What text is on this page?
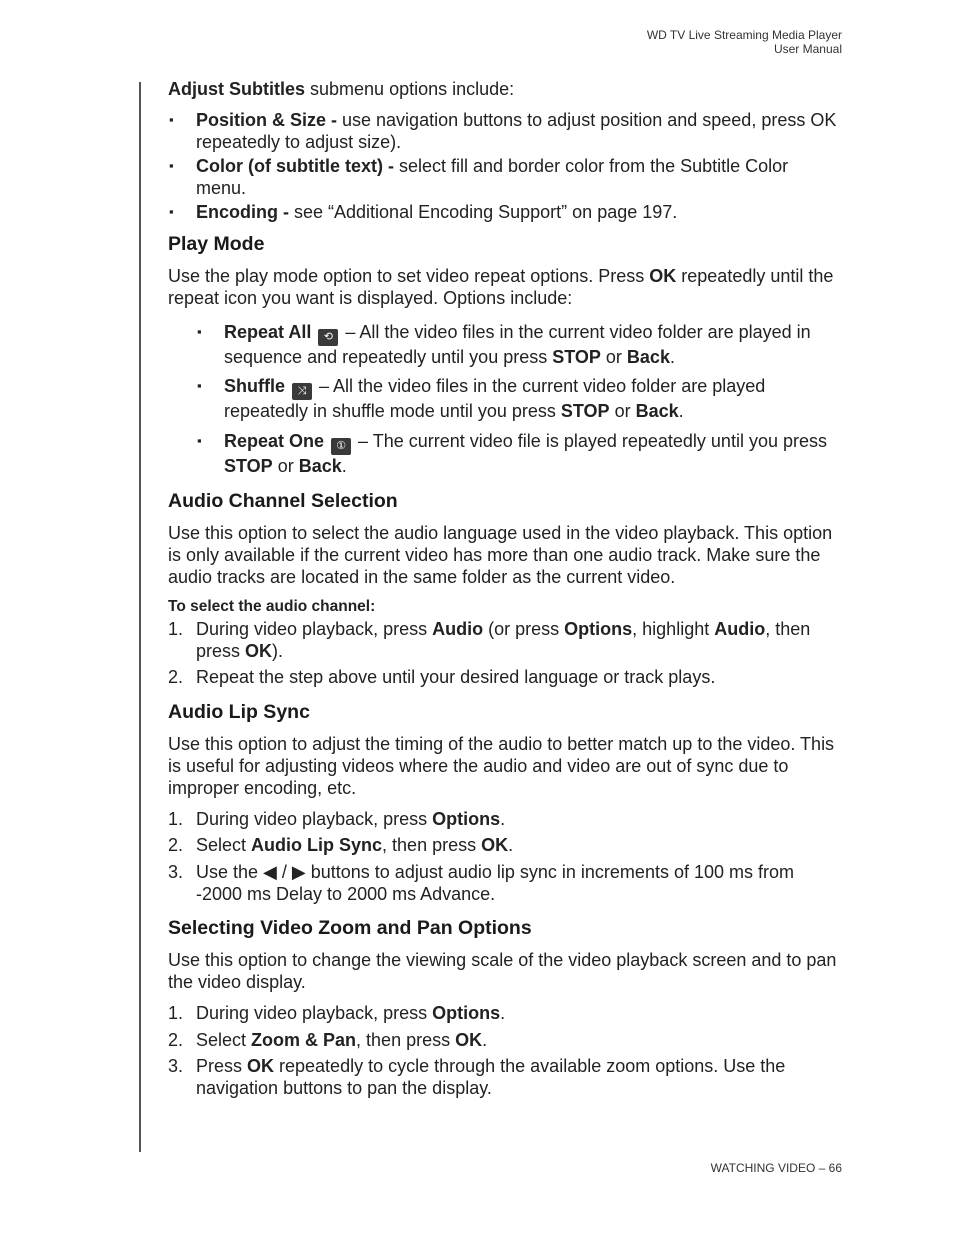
WD TV Live Streaming Media Player
User Manual

Adjust Subtitles submenu options include:

▪ Position & Size - use navigation buttons to adjust position and speed, press OK repeatedly to adjust size).
▪ Color (of subtitle text) - select fill and border color from the Subtitle Color menu.
▪ Encoding - see “Additional Encoding Support” on page 197.
Play Mode

Use the play mode option to set video repeat options. Press OK repeatedly until the repeat icon you want is displayed. Options include:

▪ Repeat All ⟲ – All the video files in the current video folder are played in sequence and repeatedly until you press STOP or Back.
▪ Shuffle ⤨ – All the video files in the current video folder are played repeatedly in shuffle mode until you press STOP or Back.
▪ Repeat One ① – The current video file is played repeatedly until you press STOP or Back.
Audio Channel Selection

Use this option to select the audio language used in the video playback. This option is only available if the current video has more than one audio track. Make sure the audio tracks are located in the same folder as the current video.

To select the audio channel:
1. During video playback, press Audio (or press Options, highlight Audio, then press OK).
2. Repeat the step above until your desired language or track plays.
Audio Lip Sync

Use this option to adjust the timing of the audio to better match up to the video. This is useful for adjusting videos where the audio and video are out of sync due to improper encoding, etc.

1. During video playback, press Options.
2. Select Audio Lip Sync, then press OK.
3. Use the ◀ / ▶ buttons to adjust audio lip sync in increments of 100 ms from -2000 ms Delay to 2000 ms Advance.
Selecting Video Zoom and Pan Options

Use this option to change the viewing scale of the video playback screen and to pan the video display.

1. During video playback, press Options.
2. Select Zoom & Pan, then press OK.
3. Press OK repeatedly to cycle through the available zoom options. Use the navigation buttons to pan the display.
WATCHING VIDEO – 66
